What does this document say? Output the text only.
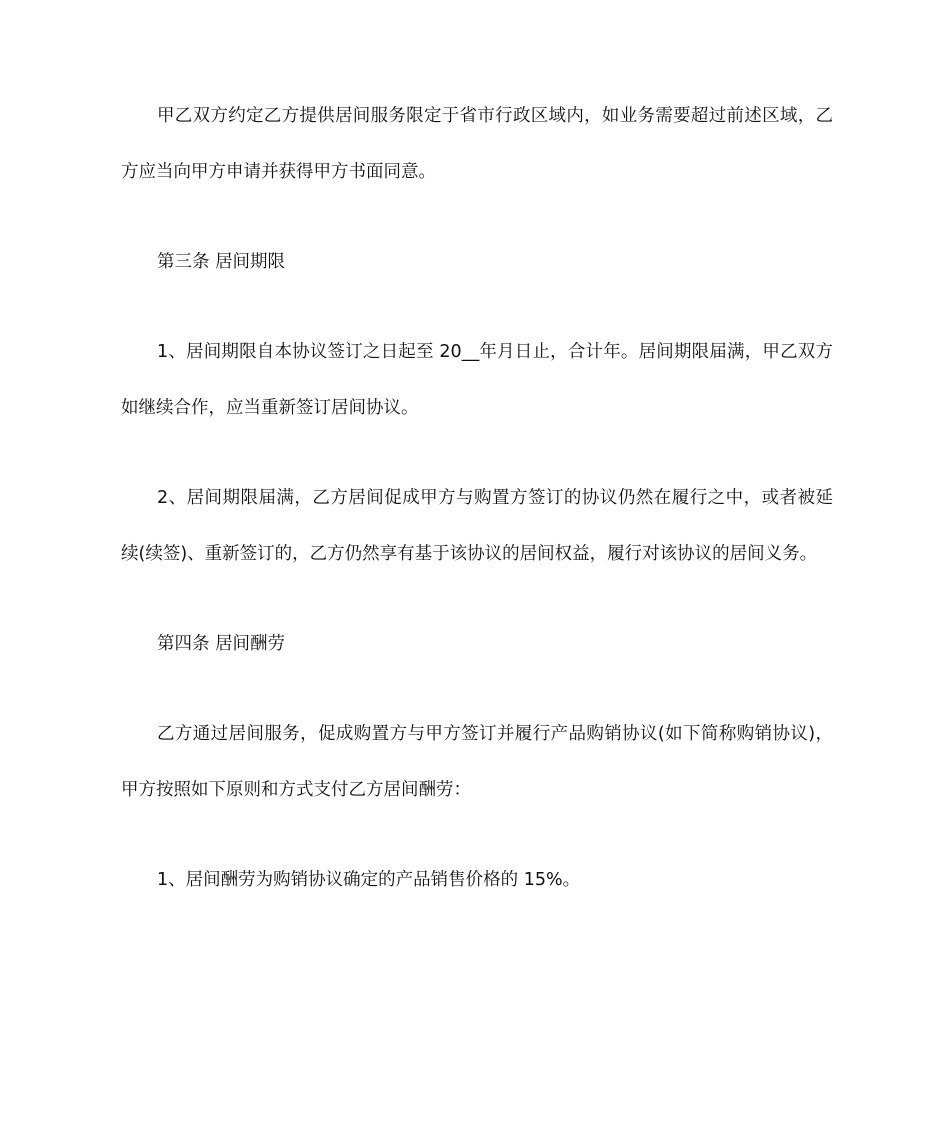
甲乙双方约定乙方提供居间服务限定于省市行政区域内，如业务需要超过前述区域，乙方应当向甲方申请并获得甲方书面同意。

第三条 居间期限

1、居间期限自本协议签订之日起至 20__年月日止，合计年。居间期限届满，甲乙双方如继续合作，应当重新签订居间协议。

2、居间期限届满，乙方居间促成甲方与购置方签订的协议仍然在履行之中，或者被延续(续签)、重新签订的，乙方仍然享有基于该协议的居间权益，履行对该协议的居间义务。

第四条 居间酬劳

乙方通过居间服务，促成购置方与甲方签订并履行产品购销协议(如下简称购销协议)，甲方按照如下原则和方式支付乙方居间酬劳：

1、居间酬劳为购销协议确定的产品销售价格的 15%。
